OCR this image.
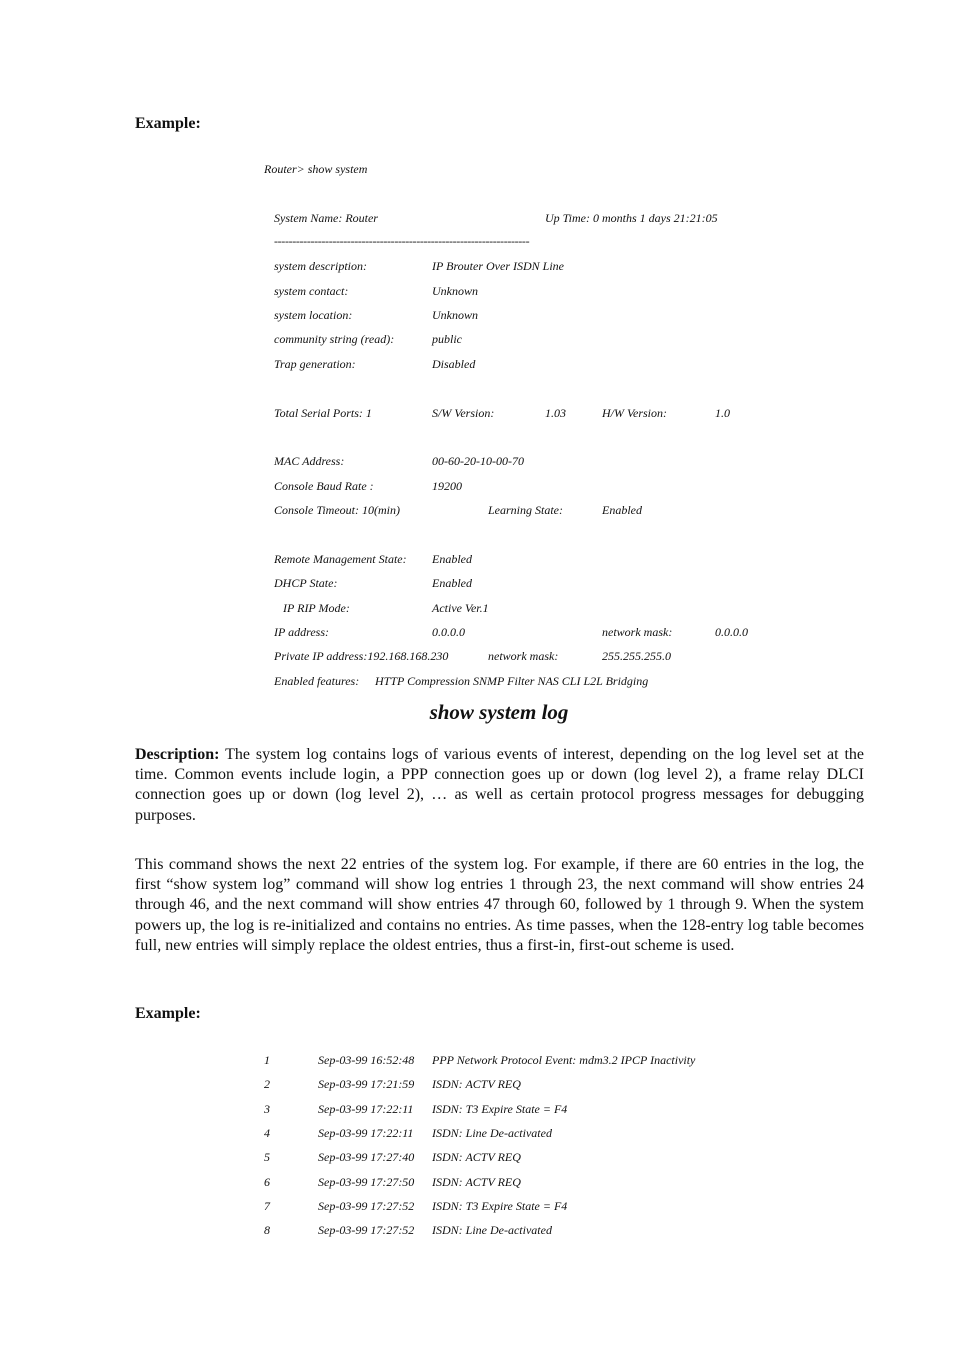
Example:
Router> show system
System Name: Router	Up Time: 0 months 1 days 21:21:05
----------------------------------------------------------------------
system description:	IP Brouter Over ISDN Line
system contact:	Unknown
system location:	Unknown
community string (read):	public
Trap generation:	Disabled
Total Serial Ports: 1	S/W Version:	1.03	H/W Version:	1.0
MAC Address:	00-60-20-10-00-70
Console Baud Rate :	19200
Console Timeout: 10(min)	Learning State:	Enabled
Remote Management State: Enabled
DHCP State:	Enabled
IP RIP Mode:	Active Ver.1
IP address:	0.0.0.0	network mask:	0.0.0.0
Private IP address:192.168.168.230	network mask:	255.255.255.0
Enabled features: HTTP Compression SNMP Filter NAS CLI L2L Bridging
show system log
Description: The system log contains logs of various events of interest, depending on the log level set at the time. Common events include login, a PPP connection goes up or down (log level 2), a frame relay DLCI connection goes up or down (log level 2), … as well as certain protocol progress messages for debugging purposes.
This command shows the next 22 entries of the system log. For example, if there are 60 entries in the log, the first “show system log” command will show log entries 1 through 23, the next command will show entries 24 through 46, and the next command will show entries 47 through 60, followed by 1 through 9. When the system powers up, the log is re-initialized and contains no entries. As time passes, when the 128-entry log table becomes full, new entries will simply replace the oldest entries, thus a first-in, first-out scheme is used.
Example:
1	Sep-03-99 16:52:48 PPP Network Protocol Event: mdm3.2 IPCP Inactivity
2	Sep-03-99 17:21:59 ISDN: ACTV REQ
3	Sep-03-99 17:22:11 ISDN: T3 Expire State = F4
4	Sep-03-99 17:22:11 ISDN: Line De-activated
5	Sep-03-99 17:27:40 ISDN: ACTV REQ
6	Sep-03-99 17:27:50 ISDN: ACTV REQ
7	Sep-03-99 17:27:52 ISDN: T3 Expire State = F4
8	Sep-03-99 17:27:52 ISDN: Line De-activated
